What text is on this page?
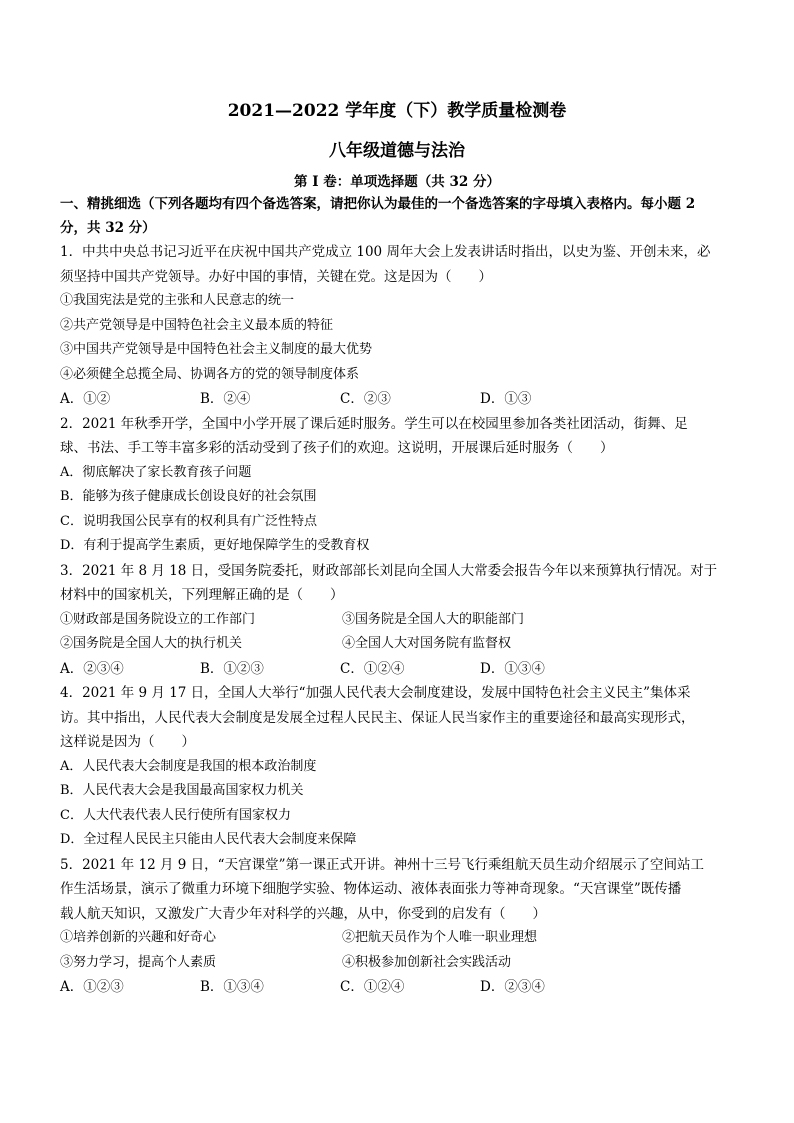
2021—2022 学年度（下）教学质量检测卷

八年级道德与法治

第 I 卷：单项选择题（共 32 分）

一、精挑细选（下列各题均有四个备选答案，请把你认为最佳的一个备选答案的字母填入表格内。每小题 2

分，共 32 分）

1．中共中央总书记习近平在庆祝中国共产党成立 100 周年大会上发表讲话时指出，以史为鉴、开创未来，必

须坚持中国共产党领导。办好中国的事情，关键在党。这是因为（　　）

①我国宪法是党的主张和人民意志的统一

②共产党领导是中国特色社会主义最本质的特征

③中国共产党领导是中国特色社会主义制度的最大优势

④必须健全总揽全局、协调各方的党的领导制度体系

A．①②	B．②④	C．②③	D．①③

2．2021 年秋季开学，全国中小学开展了课后延时服务。学生可以在校园里参加各类社团活动，街舞、足

球、书法、手工等丰富多彩的活动受到了孩子们的欢迎。这说明，开展课后延时服务（　　）

A．彻底解决了家长教育孩子问题

B．能够为孩子健康成长创设良好的社会氛围

C．说明我国公民享有的权利具有广泛性特点

D．有利于提高学生素质，更好地保障学生的受教育权

3．2021 年 8 月 18 日，受国务院委托，财政部部长刘昆向全国人大常委会报告今年以来预算执行情况。对于

材料中的国家机关，下列理解正确的是（　　）

①财政部是国务院设立的工作部门	③国务院是全国人大的职能部门
②国务院是全国人大的执行机关	④全国人大对国务院有监督权
A．②③④	B．①②③	C．①②④	D．①③④

4．2021 年 9 月 17 日，全国人大举行“加强人民代表大会制度建设，发展中国特色社会主义民主”集体采

访。其中指出，人民代表大会制度是发展全过程人民民主、保证人民当家作主的重要途径和最高实现形式，

这样说是因为（　　）

A．人民代表大会制度是我国的根本政治制度

B．人民代表大会是我国最高国家权力机关

C．人大代表代表人民行使所有国家权力

D．全过程人民民主只能由人民代表大会制度来保障

5．2021 年 12 月 9 日，“天宫课堂”第一课正式开讲。神州十三号飞行乘组航天员生动介绍展示了空间站工

作生活场景，演示了微重力环境下细胞学实验、物体运动、液体表面张力等神奇现象。“天宫课堂”既传播

载人航天知识，又激发广大青少年对科学的兴趣，从中，你受到的启发有（　　）

①培养创新的兴趣和好奇心	②把航天员作为个人唯一职业理想
③努力学习，提高个人素质	④积极参加创新社会实践活动
A．①②③	B．①③④	C．①②④	D．②③④
